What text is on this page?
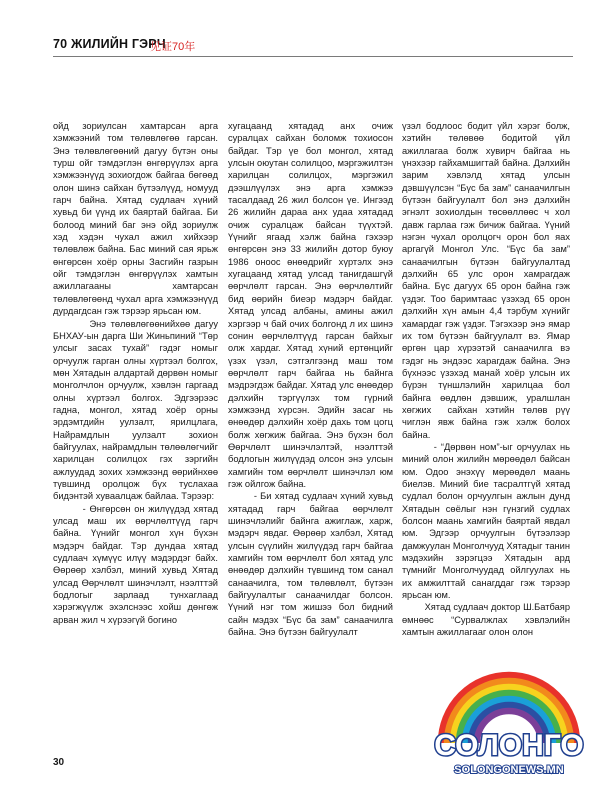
70 ЖИЛИЙН ГЭРЧ
见证70年
ойд зориулсан хамтарсан арга хэмжээний том төлөвлөгөө гарсан. Энэ төлөвлөгөөний дагуу бүтэн оны турш ойг тэмдэглэн өнгөрүүлэх арга хэмжээнүүд зохиогдож байгаа бөгөөд олон шинэ сайхан бүтээлүүд, номууд гарч байна. Хятад судлаач хүний хувьд би үүнд их баяртай байгаа. Би болоод миний баг энэ ойд зориулж хэд хэдэн чухал ажил хийхээр төлөвлөж байна. Бас миний сая ярьж өнгөрсөн хоёр орны Засгийн газрын ойг тэмдэглэн өнгөрүүлэх хамтын ажиллагааны хамтарсан төлөвлөгөөнд чухал арга хэмжээнүүд дурдагдсан гэж тэрээр ярьсан юм.
Энэ төлөвлөгөөнийхөө дагуу БНХАУ-ын дарга Ши Жиньпиний “Төр улсыг засах тухай” гэдэг номыг орчуулж гарган олны хүртээл болгох, мөн Хятадын алдартай дөрвөн номыг монголчлон орчуулж, хэвлэн гаргаад олны хүртээл болгох. Эдгээрээс гадна, монгол, хятад хоёр орны эрдэмтдийн уулзалт, ярилцлага, Найрамдлын уулзалт зохион байгуулах, найрамдлын төлөөлөгчийг харилцан солилцох гэх зэргийн ажлуудад зохих хэмжээнд өөрийнхөө түвшинд оролцож бүх туслахаа бидэнтэй хуваалцаж байлаа. Тэрээр:
- Өнгөрсөн он жилүүдэд хятад улсад маш их өөрчлөлтүүд гарч байна. Үүнийг монгол хүн бүхэн мэдэрч байдаг. Тэр дундаа хятад судлаач хүмүүс илүү мэдэрдэг байх.  Өөрөөр хэлбэл, миний хувьд Хятад улсад Өөрчлөлт шинэчлэлт, нээлттэй бодлогыг зарлаад тунхаглаад хэрэгжүүлж эхэлснээс хойш дөнгөж арван жил ч хүрээгүй богино
хугацаанд хятадад анх очиж суралцах сайхан боломж тохиосон байдаг. Тэр үе бол монгол, хятад улсын оюутан солилцоо, мэргэжилтэн харилцан солилцох, мэргэжил дээшлүүлэх энэ арга хэмжээ тасалдаад 26 жил болсон үе. Ингээд 26 жилийн дараа анх удаа хятадад очиж суралцаж байсан түүхтэй. Үүнийг ягаад хэлж байна гэхээр өнгөрсөн энэ 33 жилийн дотор буюу 1986 оноос өнөөдрийг хүртэлх энэ хугацаанд хятад улсад танигдашгүй өөрчлөлт гарсан. Энэ өөрчлөлтийг бид өөрийн биеэр мэдэрч байдаг. Хятад улсад албаны, амины ажил хэргээр ч бай очих болгонд л их шинэ сонин өөрчлөлтүүд гарсан байхыг олж хардаг. Хятад хүний ертөнцийг үзэх үзэл, сэтгэлгээнд маш том өөрчлөлт гарч байгаа нь байнга мэдрэгдэж байдаг. Хятад улс өнөөдөр дэлхийн тэргүүлэх том гүрний хэмжээнд хүрсэн. Эдийн засаг нь өнөөдөр дэлхийн хоёр дахь том цогц болж хөгжиж байгаа. Энэ бүхэн бол Өөрчлөлт шинэчлэлтэй, нээлттэй бодлогын жилүүдэд олсон энэ улсын хамгийн том өөрчлөлт шинэчлэл юм гэж ойлгож байна.
- Би хятад судлаач хүний хувьд хятадад гарч байгаа өөрчлөлт шинэчлэлийг байнга ажиглаж, харж, мэдэрч явдаг. Өөрөөр хэлбэл, Хятад улсын сүүлийн жилүүдэд гарч байгаа хамгийн том өөрчлөлт бол хятад улс өнөөдөр дэлхийн түвшинд том санал санаачилга, том төлөвлөлт, бүтээн байгуулалтыг санаачилдаг болсон. Үүний нэг том жишээ бол бидний сайн мэдэх “Бүс ба зам” санаачилга байна. Энэ бүтээн байгуулалт
үзэл бодлоос бодит үйл хэрэг болж, хэтийн төлөвөө бодитой үйл ажиллагаа болж хувирч байгаа нь үнэхээр гайхамшигтай байна. Дэлхийн зарим хэвлэлд хятад улсын дэвшүүлсэн “Бүс ба зам” санаачилгын бүтээн байгуулалт бол энэ дэлхийн эгнэлт зохиолдын төсөөллөөс ч хол давж гарлаа гэж бичиж байгаа. Үүний нэгэн чухал оролцогч орон бол яах аргагүй Монгол Улс. “Бүс ба зам” санаачилгын бүтээн байгуулалтад дэлхийн 65 улс орон хамрагдаж байна. Бүс дагуух 65 орон байна гэж үздэг. Тоо баримтаас үзэхэд 65 орон дэлхийн хүн амын 4,4 тэрбум хүнийг хамардаг гэж үздэг. Тэгэхээр энэ ямар их том бүтээн байгуулалт вэ. Ямар өргөн цар хүрээтэй санаачилга вэ гэдэг нь эндээс харагдаж байна. Энэ бүхнээс үзэхэд манай хоёр улсын их бүрэн түншлэлийн харилцаа бол байнга өөдлөн дэвшиж, уралшлан хөгжих  сайхан хэтийн төлөв рүү чиглэн явж байна гэж хэлж болох байна.
- “Дөрвөн ном”-ыг орчуулах нь миний олон жилийн мөрөөдөл байсан юм. Одоо энэхүү мөрөөдөл маань биелэв. Миний бие тасралтгүй хятад судлал болон орчуулгын ажлын дунд Хятадын сөёлыг нэн гүнзгий судлах болсон маань хамгийн баяртай явдал юм. Эдгээр орчуулгын бүтээлээр дамжуулан Монголчууд Хятадыг танин мэдэхийн зэрэгцээ Хятадын ард түмнийг Монголчуудад ойлгуулах нь их амжилттай санагддаг гэж тэрээр ярьсан юм.
Хятад судлаач доктор Ш.Батбаяр өмнөөс “Сурвалжлах хэвлэлийн хамтын ажиллагааг олон олон
30
СОЛОНГО
SOLONGONEWS.MN
